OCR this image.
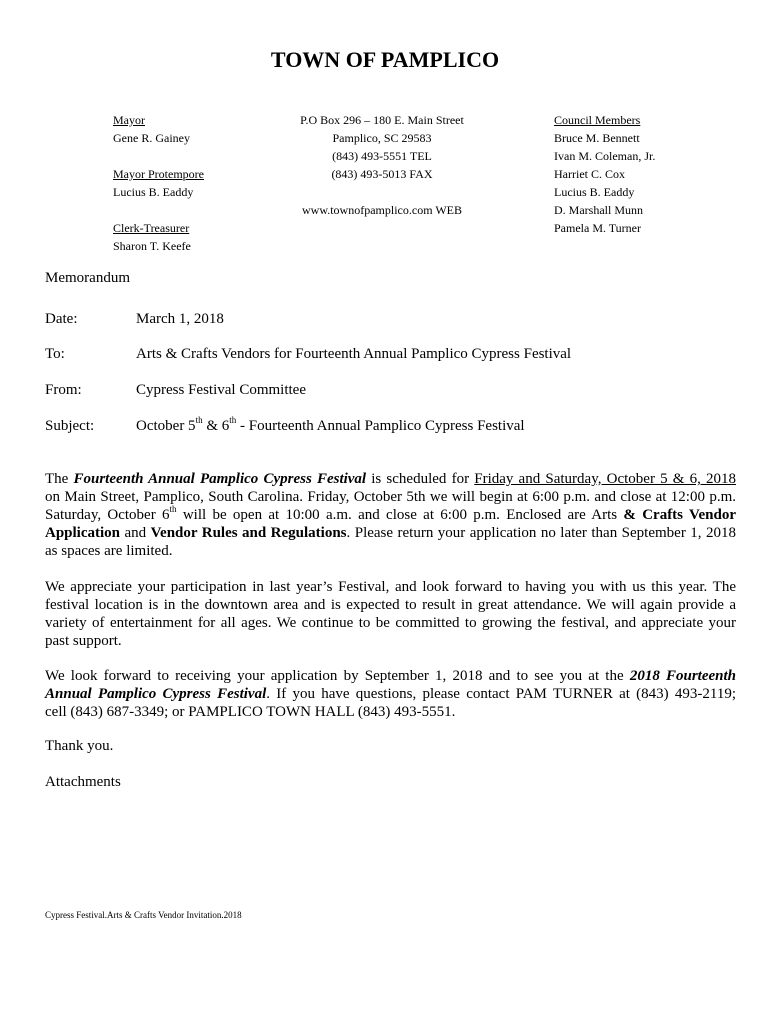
TOWN OF PAMPLICO
Mayor
Gene R. Gainey
Mayor Protempore
Lucius B. Eaddy
Clerk-Treasurer
Sharon T. Keefe
P.O Box 296 – 180 E. Main Street
Pamplico, SC 29583
(843) 493-5551 TEL
(843) 493-5013 FAX
www.townofpamplico.com WEB
Council Members
Bruce M. Bennett
Ivan M. Coleman, Jr.
Harriet C. Cox
Lucius B. Eaddy
D. Marshall Munn
Pamela M. Turner
Memorandum
Date:	March 1, 2018
To:	Arts & Crafts Vendors for Fourteenth Annual Pamplico Cypress Festival
From:	Cypress Festival Committee
Subject:	October 5th & 6th - Fourteenth Annual Pamplico Cypress Festival
The Fourteenth Annual Pamplico Cypress Festival is scheduled for Friday and Saturday, October 5 & 6, 2018
on Main Street, Pamplico, South Carolina. Friday, October 5th we will begin at 6:00 p.m. and close at 12:00 p.m.
Saturday, October 6th will be open at 10:00 a.m. and close at 6:00 p.m. Enclosed are Arts & Crafts Vendor
Application and Vendor Rules and Regulations. Please return your application no later than September 1, 2018
as spaces are limited.
We appreciate your participation in last year’s Festival, and look forward to having you with us this year. The
festival location is in the downtown area and is expected to result in great attendance. We will again provide a
variety of entertainment for all ages. We continue to be committed to growing the festival, and appreciate your
past support.
We look forward to receiving your application by September 1, 2018 and to see you at the 2018 Fourteenth
Annual Pamplico Cypress Festival. If you have questions, please contact PAM TURNER at (843) 493-2119;
cell (843) 687-3349; or PAMPLICO TOWN HALL (843) 493-5551.
Thank you.
Attachments
Cypress Festival.Arts & Crafts Vendor Invitation.2018
